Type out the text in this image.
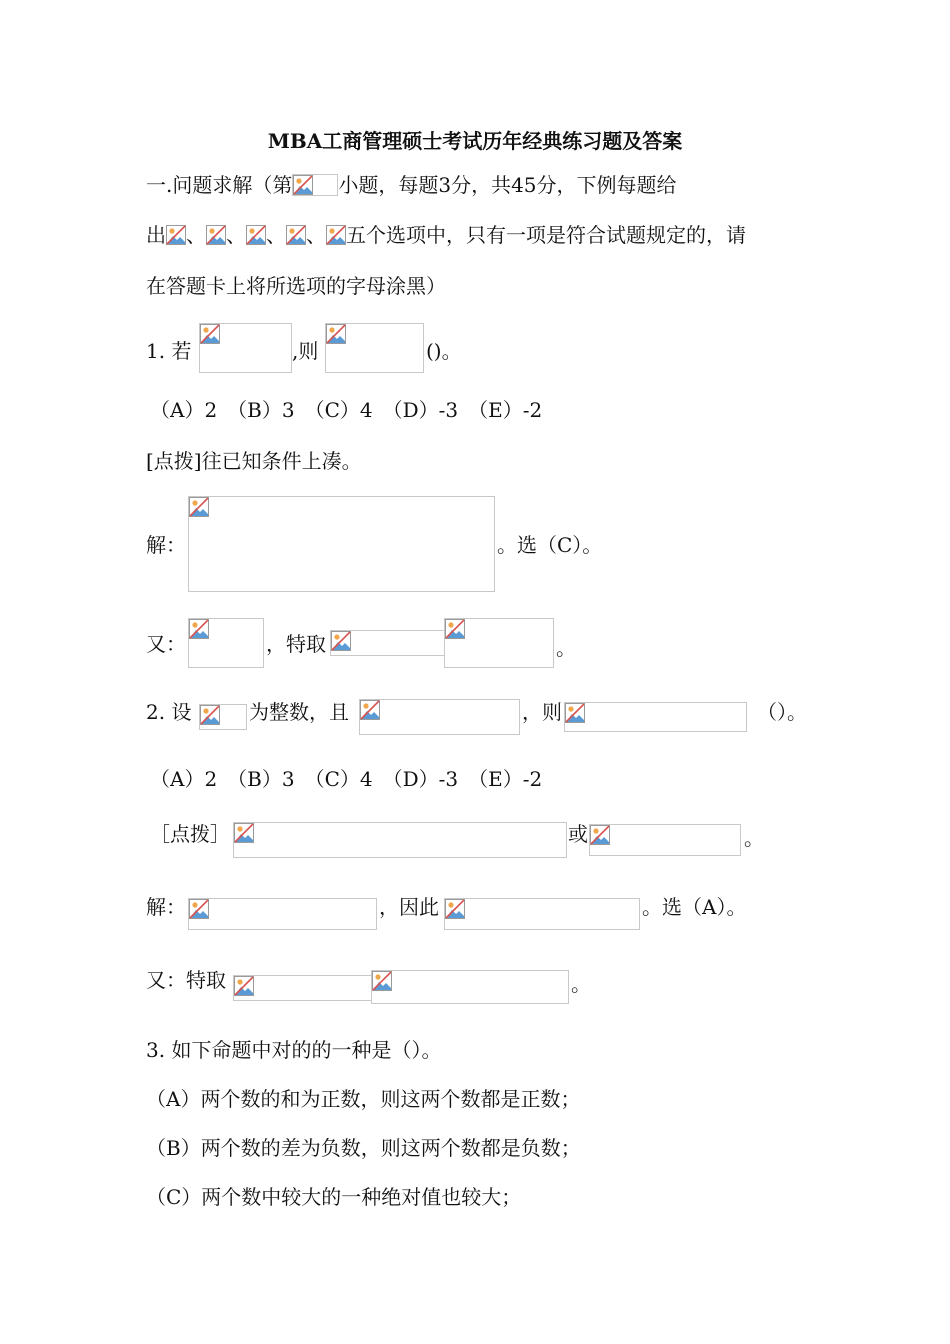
MBA工商管理硕士考试历年经典练习题及答案
一.问题求解（第 小题，每题3分，共45分，下例每题给
出 、 、 、 、 五个选项中，只有一项是符合试题规定的，请
在答题卡上将所选项的字母涂黑）
1. 若	,则	()。
（A）2　（B）3　（C）4　（D）-3　（E）-2
[点拨]往已知条件上凑。
解：	。选（C）。
又：	，特取	。
2. 设	为整数，且	，则	（）。
（A）2　（B）3　（C）4　（D）-3　（E）-2
［点拨］	或	。
解：	，因此	。选（A）。
又：特取	。
3. 如下命题中对的的一种是（）。
（A）两个数的和为正数，则这两个数都是正数；
（B）两个数的差为负数，则这两个数都是负数；
（C）两个数中较大的一种绝对值也较大；
